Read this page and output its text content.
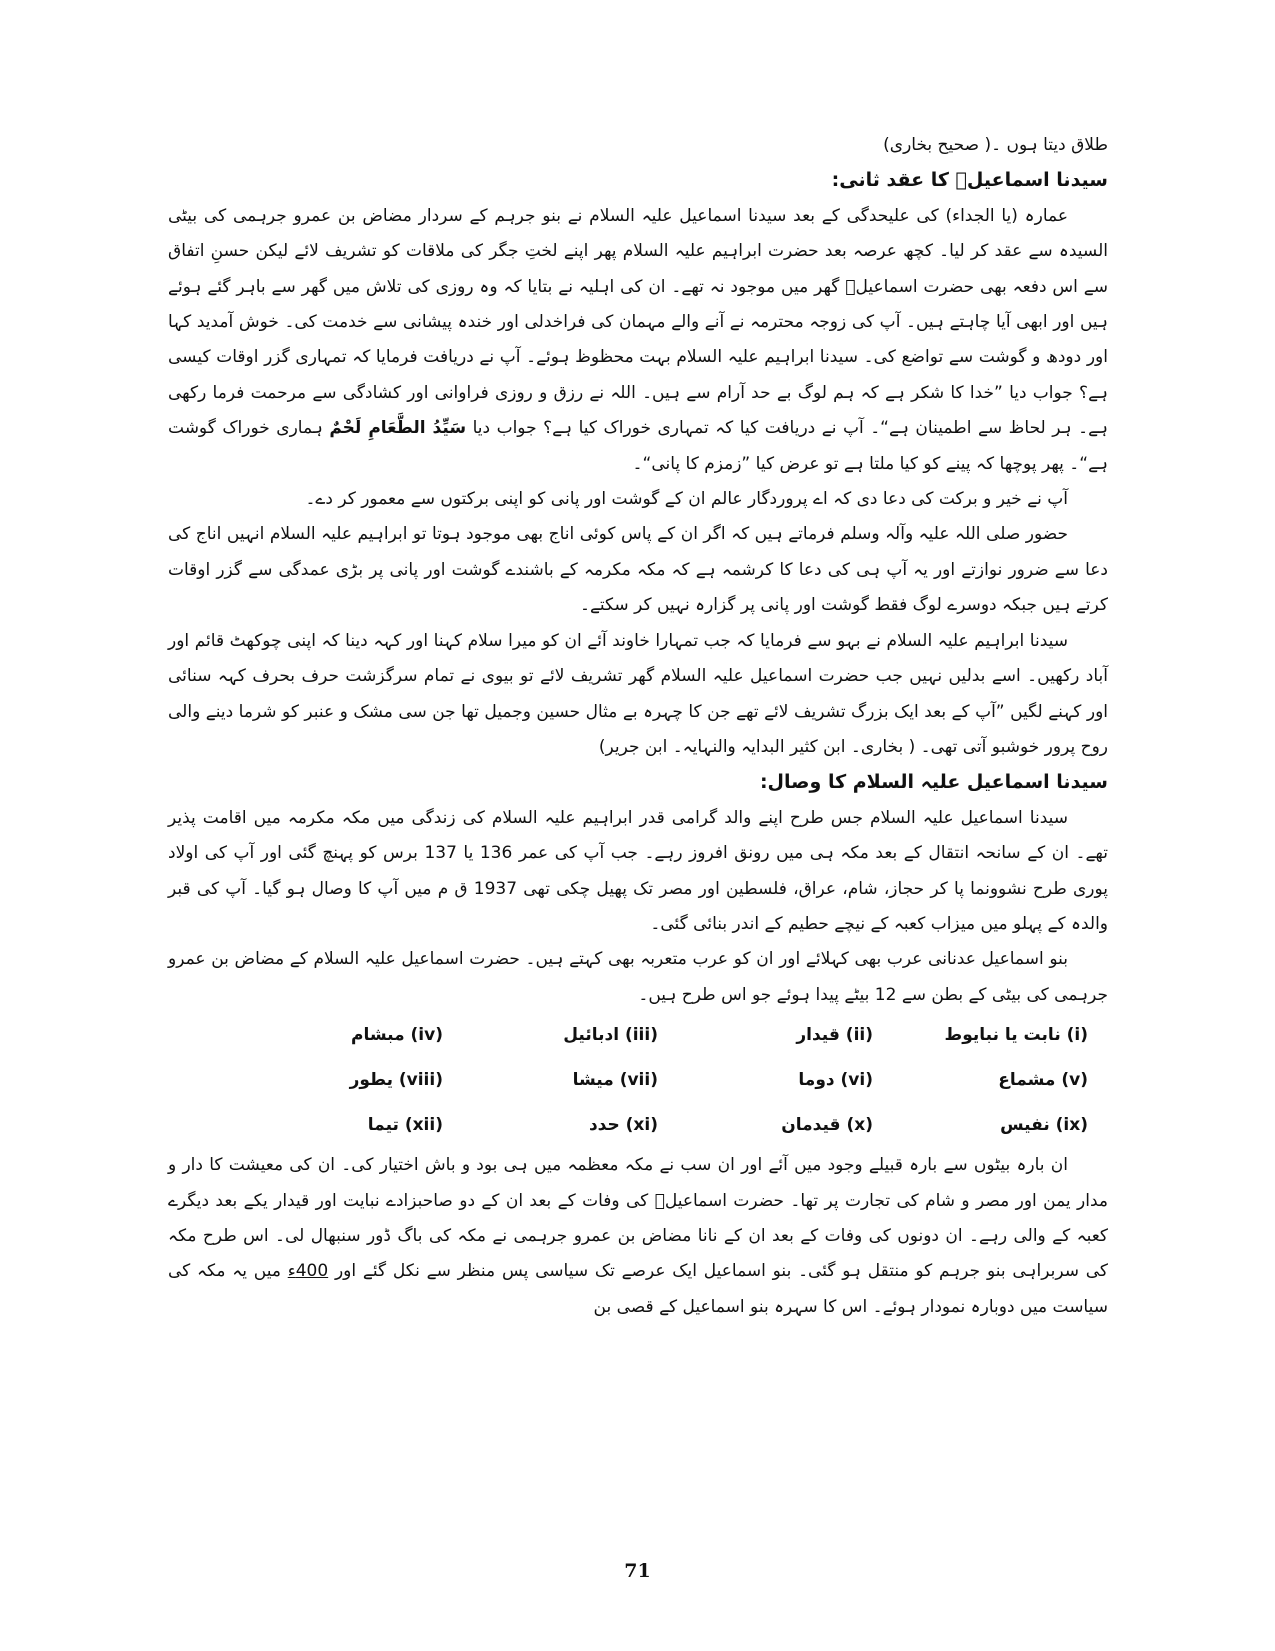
طلاق دیتا ہوں ۔( صحیح بخاری)
سیدنا اسماعیلؑ کا عقد ثانی:

عمارہ (یا الجداء) کی علیحدگی کے بعد سیدنا اسماعیل علیہ السلام نے بنو جرہم کے سردار مضاض بن عمرو جرہمی کی بیٹی السیدہ سے عقد کر لیا۔ کچھ عرصہ بعد حضرت ابراہیم علیہ السلام پھر اپنے لختِ جگر کی ملاقات کو تشریف لائے لیکن حسنِ اتفاق سے اس دفعہ بھی حضرت اسماعیلؑ گھر میں موجود نہ تھے۔ ان کی اہلیہ نے بتایا کہ وہ روزی کی تلاش میں گھر سے باہر گئے ہوئے ہیں اور ابھی آیا چاہتے ہیں۔ آپ کی زوجہ محترمہ نے آنے والے مہمان کی فراخدلی اور خندہ پیشانی سے خدمت کی۔ خوش آمدید کہا اور دودھ و گوشت سے تواضع کی۔ سیدنا ابراہیم علیہ السلام بہت محظوظ ہوئے۔ آپ نے دریافت فرمایا کہ تمہاری گزر اوقات کیسی ہے؟ جواب دیا ”خدا کا شکر ہے کہ ہم لوگ بے حد آرام سے ہیں۔ اللہ نے رزق و روزی فراوانی اور کشادگی سے مرحمت فرما رکھی ہے۔ ہر لحاظ سے اطمینان ہے“۔ آپ نے دریافت کیا کہ تمہاری خوراک کیا ہے؟ جواب دیا سَیِّدُ الطَّعَامِ لَحْمٌ ہماری خوراک گوشت ہے“۔ پھر پوچھا کہ پینے کو کیا ملتا ہے تو عرض کیا ”زمزم کا پانی“۔

آپ نے خیر و برکت کی دعا دی کہ اے پروردگار عالم ان کے گوشت اور پانی کو اپنی برکتوں سے معمور کر دے۔

حضور صلی اللہ علیہ وآلہ وسلم فرماتے ہیں کہ اگر ان کے پاس کوئی اناج بھی موجود ہوتا تو ابراہیم علیہ السلام انہیں اناج کی دعا سے ضرور نوازتے اور یہ آپ ہی کی دعا کا کرشمہ ہے کہ مکہ مکرمہ کے باشندے گوشت اور پانی پر بڑی عمدگی سے گزر اوقات کرتے ہیں جبکہ دوسرے لوگ فقط گوشت اور پانی پر گزارہ نہیں کر سکتے۔

سیدنا ابراہیم علیہ السلام نے بہو سے فرمایا کہ جب تمہارا خاوند آئے ان کو میرا سلام کہنا اور کہہ دینا کہ اپنی چوکھٹ قائم اور آباد رکھیں۔ اسے بدلیں نہیں جب حضرت اسماعیل علیہ السلام گھر تشریف لائے تو بیوی نے تمام سرگزشت حرف بحرف کہہ سنائی اور کہنے لگیں ”آپ کے بعد ایک بزرگ تشریف لائے تھے جن کا چہرہ بے مثال حسین وجمیل تھا جن سی مشک و عنبر کو شرما دینے والی روح پرور خوشبو آتی تھی۔ ( بخاری۔ ابن کثیر البدایہ والنہایہ۔ ابن جریر)

سیدنا اسماعیل علیہ السلام کا وصال:

سیدنا اسماعیل علیہ السلام جس طرح اپنے والد گرامی قدر ابراہیم علیہ السلام کی زندگی میں مکہ مکرمہ میں اقامت پذیر تھے۔ ان کے سانحہ انتقال کے بعد مکہ ہی میں رونق افروز رہے۔ جب آپ کی عمر 136 یا 137 برس کو پہنچ گئی اور آپ کی اولاد پوری طرح نشوونما پا کر حجاز، شام، عراق، فلسطین اور مصر تک پھیل چکی تھی 1937 ق م میں آپ کا وصال ہو گیا۔ آپ کی قبر والدہ کے پہلو میں میزاب کعبہ کے نیچے حطیم کے اندر بنائی گئی۔

بنو اسماعیل عدنانی عرب بھی کہلائے اور ان کو عرب متعربہ بھی کہتے ہیں۔ حضرت اسماعیل علیہ السلام کے مضاض بن عمرو جرہمی کی بیٹی کے بطن سے 12 بیٹے پیدا ہوئے جو اس طرح ہیں۔

(i) نابت یا نبایوط
(ii) قیدار
(iii) ادبائیل
(iv) مبشام
(v) مشماع
(vi) دوما
(vii) میشا
(viii) یطور
(ix) نفیس
(x) قیدمان
(xi) حدد
(xii) تیما

ان بارہ بیٹوں سے بارہ قبیلے وجود میں آئے اور ان سب نے مکہ معظمہ میں ہی بود و باش اختیار کی۔ ان کی معیشت کا دار و مدار یمن اور مصر و شام کی تجارت پر تھا۔ حضرت اسماعیلؑ کی وفات کے بعد ان کے دو صاحبزادے نبایت اور قیدار یکے بعد دیگرے کعبہ کے والی رہے۔ ان دونوں کی وفات کے بعد ان کے نانا مضاض بن عمرو جرہمی نے مکہ کی باگ ڈور سنبھال لی۔ اس طرح مکہ کی سربراہی بنو جرہم کو منتقل ہو گئی۔ بنو اسماعیل ایک عرصے تک سیاسی پس منظر سے نکل گئے اور 400ء میں یہ مکہ کی سیاست میں دوبارہ نمودار ہوئے۔ اس کا سہرہ بنو اسماعیل کے قصی بن

71
